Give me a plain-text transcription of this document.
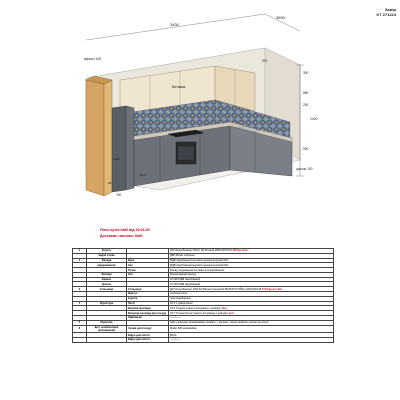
Замір
КТ 271224
Витяжка
МДФ
ДСП
3400
3590
карниз 100	370
300
860
200
1420
900
740
40
цоколь 100
Лікео кухні Кабі від 25.04.25
Доставка і монтаж: Кабі
1	Корпус		ДСП Егер/Ламінат Оберт PE Мокрий 2800х2070х16 287грн./лист
	Задня стінка		ДВП Біла/з порізкою
2	Фасади	Верх	МДФ фарбований матовий однокольоровий RAL
	відкриванням	Низ	МДФ фарбований матовий однокольоровий RAL
		Ручки	Фасад подражений на 22мм для відкривання
	Фасадні	Низ	Фрезерований фасад
	Карниз		Н=100 МДФ фарбований
	Цоколь		Н=100 МДФ фарбований
3	Стільниця	Стільниця	ДСП Егер/Ламінат 4200 ЕК Вапняк Кремовий ВОЛОГОСТІЙКА 4200х600х38 7744грн./шт 2шт
		Фартух	плитка/плитка
		Бортик	пристінний/алюм
4	Фурнітура	Петлі	GTV з доводчиком
		Висувні шухляди	GTV Тандем повного висування з доводжч 5шт.
		Висувна шухляда для посуду	GTV Телескопічна повного висування з доводжч 1шт.
		Підйомник	------/------
5	Підсвітка		LED у врізному алюмінієвому профілі, у дві верх. секції, вимикач сенсор на дотик
6	Доп. комплектація (наповнення)	Сушка для посуду	Muller 800 нержавійка
		Відро для сміття	Blindi
		Відро для сміття	------/------
